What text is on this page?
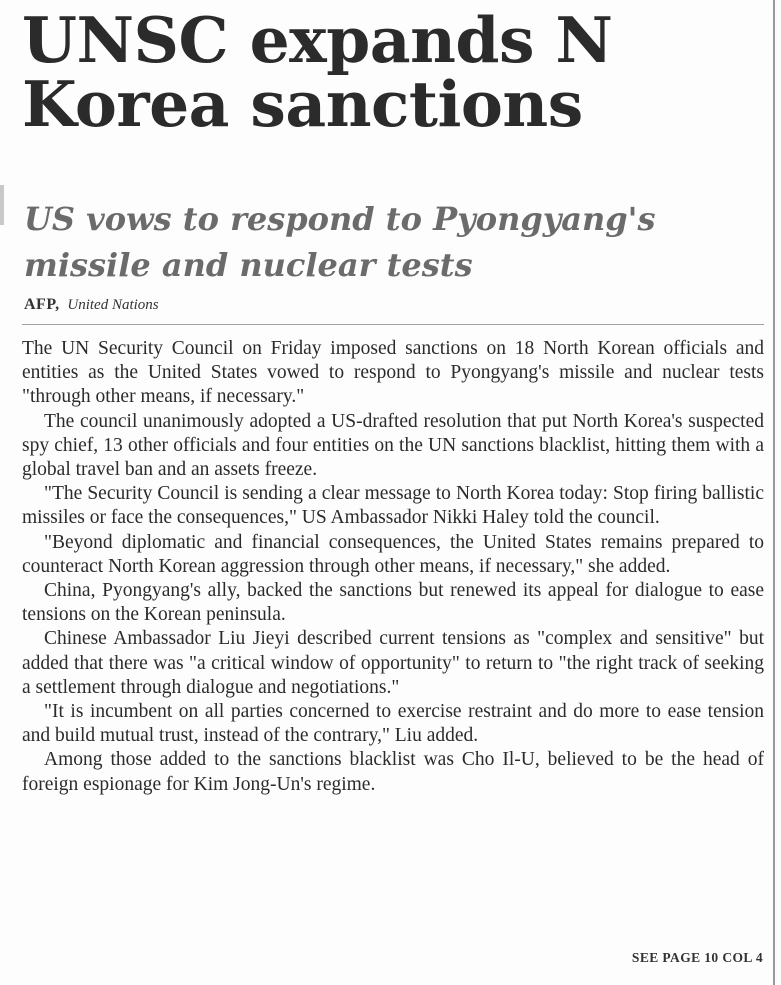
UNSC expands N Korea sanctions
US vows to respond to Pyongyang's missile and nuclear tests
AFP, United Nations

The UN Security Council on Friday imposed sanctions on 18 North Korean officials and entities as the United States vowed to respond to Pyongyang's missile and nuclear tests "through other means, if necessary."

The council unanimously adopted a US-drafted resolution that put North Korea's suspected spy chief, 13 other officials and four entities on the UN sanctions blacklist, hitting them with a global travel ban and an assets freeze.

"The Security Council is sending a clear message to North Korea today: Stop firing ballistic missiles or face the consequences," US Ambassador Nikki Haley told the council.

"Beyond diplomatic and financial consequences, the United States remains prepared to counteract North Korean aggression through other means, if necessary," she added.

China, Pyongyang's ally, backed the sanctions but renewed its appeal for dialogue to ease tensions on the Korean peninsula.

Chinese Ambassador Liu Jieyi described current tensions as "complex and sensitive" but added that there was "a critical window of opportunity" to return to "the right track of seeking a settlement through dialogue and negotiations."

"It is incumbent on all parties concerned to exercise restraint and do more to ease tension and build mutual trust, instead of the contrary," Liu added.

Among those added to the sanctions blacklist was Cho Il-U, believed to be the head of foreign espionage for Kim Jong-Un's regime.

SEE PAGE 10 COL 4
